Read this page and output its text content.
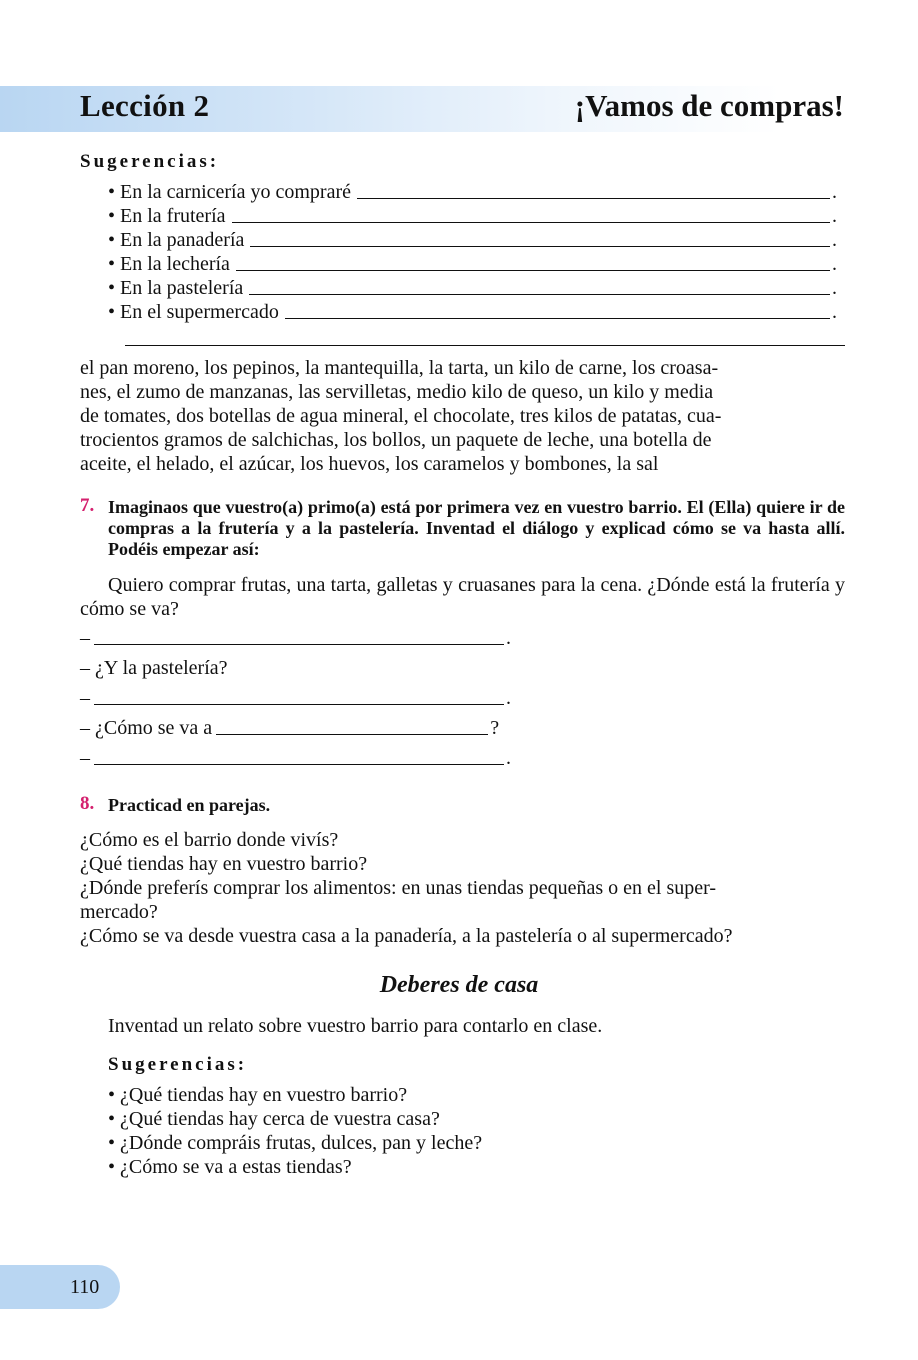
Lección 2	¡Vamos de compras!
Sugerencias:
• En la carnicería yo compraré	.
• En la frutería	.
• En la panadería	.
• En la lechería	.
• En la pastelería	.
• En el supermercado	.
el pan moreno, los pepinos, la mantequilla, la tarta, un kilo de carne, los croasa-
nes, el zumo de manzanas, las servilletas, medio kilo de queso, un kilo y media
de tomates, dos botellas de agua mineral, el chocolate, tres kilos de patatas, cua-
trocientos gramos de salchichas, los bollos, un paquete de leche, una botella de
aceite, el helado, el azúcar, los huevos, los caramelos y bombones, la sal
7. Imaginaos que vuestro(a) primo(a) está por primera vez en vuestro barrio. El (Ella) quiere ir de compras a la frutería y a la pastelería. Inventad el diálogo y explicad cómo se va hasta allí. Podéis empezar así:
Quiero comprar frutas, una tarta, galletas y cruasanes para la cena. ¿Dónde está la frutería y cómo se va?
–	.
– ¿Y la pastelería?
–	.
– ¿Cómo se va a	?
–	.
8. Practicad en parejas.
¿Cómo es el barrio donde vivís?
¿Qué tiendas hay en vuestro barrio?
¿Dónde preferís comprar los alimentos: en unas tiendas pequeñas o en el super-
mercado?
¿Cómo se va desde vuestra casa a la panadería, a la pastelería o al supermercado?
Deberes de casa
Inventad un relato sobre vuestro barrio para contarlo en clase.
Sugerencias:
• ¿Qué tiendas hay en vuestro barrio?
• ¿Qué tiendas hay cerca de vuestra casa?
• ¿Dónde compráis frutas, dulces, pan y leche?
• ¿Cómo se va a estas tiendas?
110
